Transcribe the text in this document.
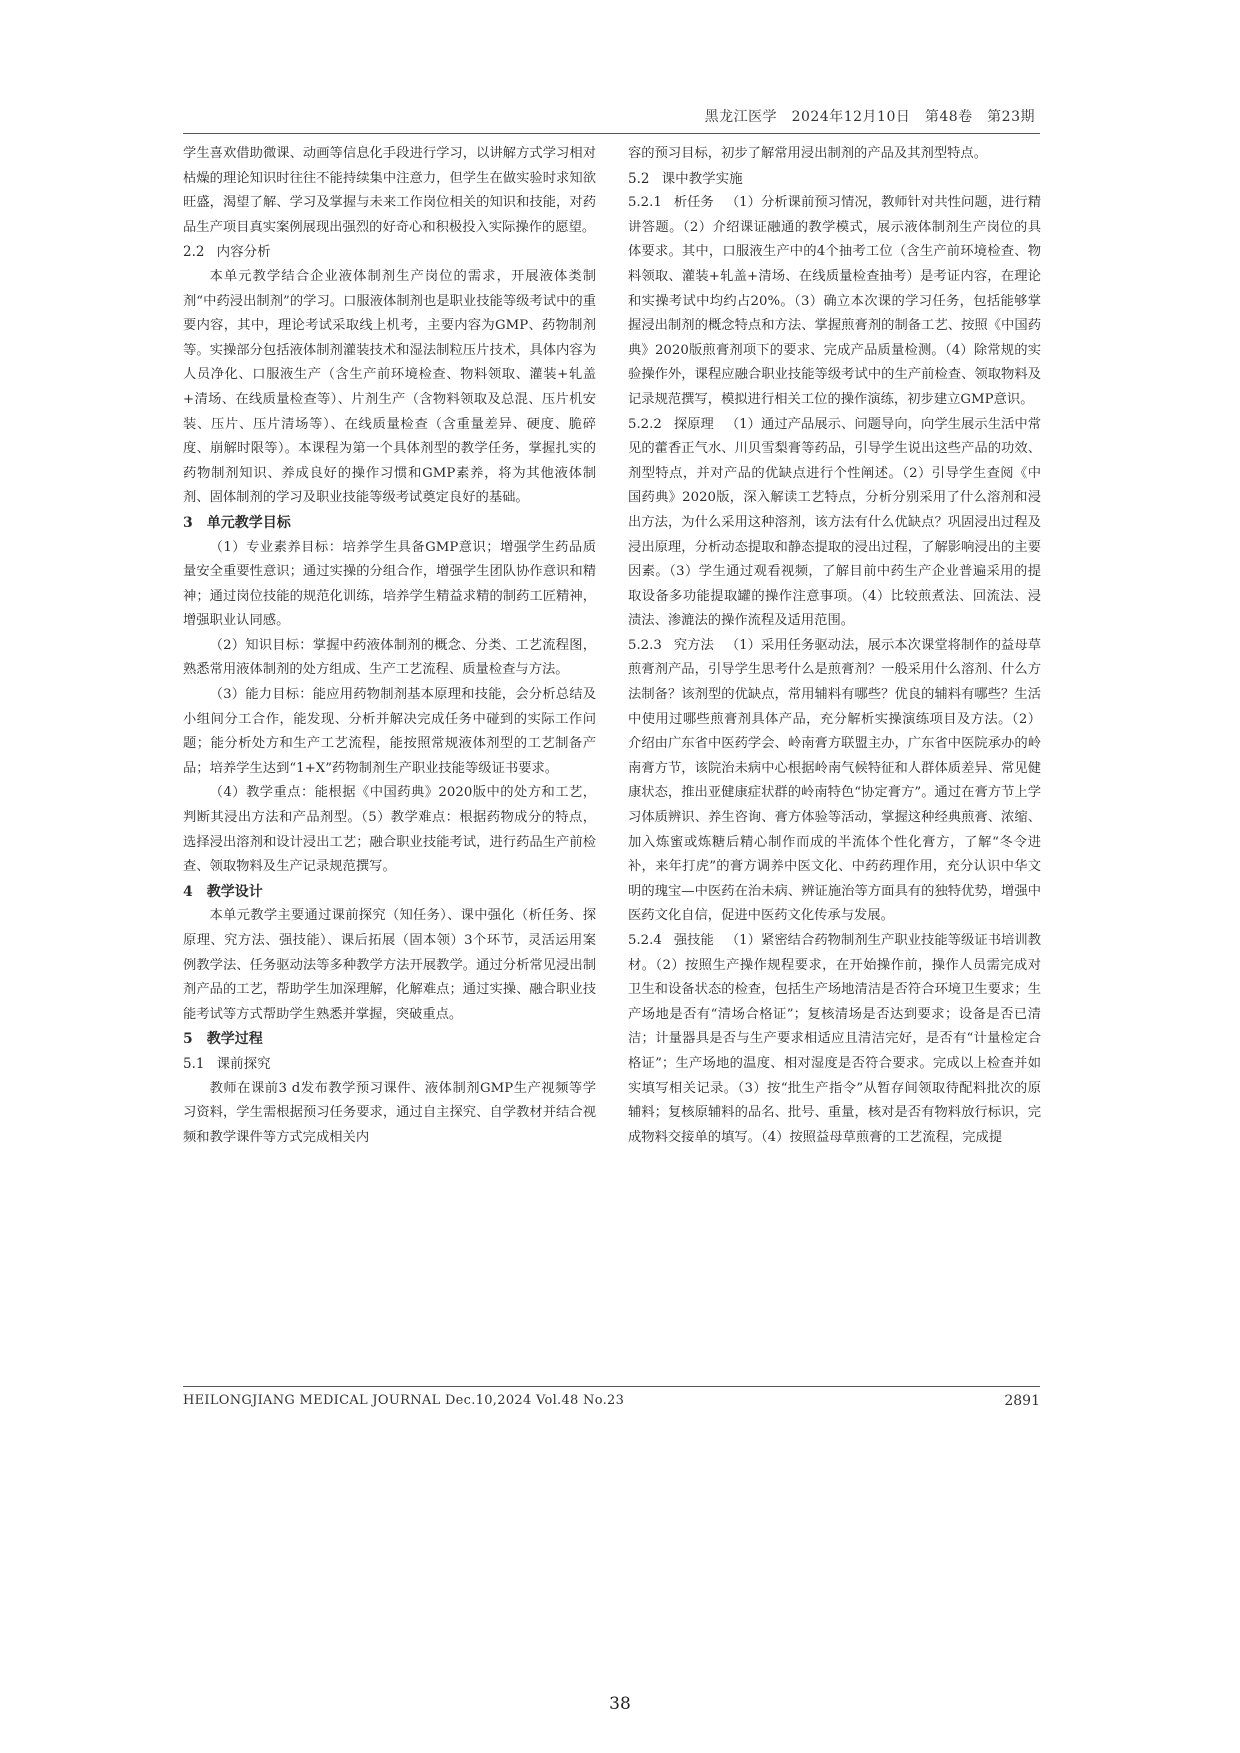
黑龙江医学　2024年12月10日　第48卷　第23期

学生喜欢借助微课、动画等信息化手段进行学习，以讲解方式学习相对枯燥的理论知识时往往不能持续集中注意力，但学生在做实验时求知欲旺盛，渴望了解、学习及掌握与未来工作岗位相关的知识和技能，对药品生产项目真实案例展现出强烈的好奇心和积极投入实际操作的愿望。

2.2 内容分析

本单元教学结合企业液体制剂生产岗位的需求，开展液体类制剂“中药浸出制剂”的学习。口服液体制剂也是职业技能等级考试中的重要内容，其中，理论考试采取线上机考，主要内容为GMP、药物制剂等。实操部分包括液体制剂灌装技术和湿法制粒压片技术，具体内容为人员净化、口服液生产（含生产前环境检查、物料领取、灌装+轧盖+清场、在线质量检查等）、片剂生产（含物料领取及总混、压片机安装、压片、压片清场等）、在线质量检查（含重量差异、硬度、脆碎度、崩解时限等）。本课程为第一个具体剂型的教学任务，掌握扎实的药物制剂知识、养成良好的操作习惯和GMP素养，将为其他液体制剂、固体制剂的学习及职业技能等级考试奠定良好的基础。

3 单元教学目标

（1）专业素养目标：培养学生具备GMP意识；增强学生药品质量安全重要性意识；通过实操的分组合作，增强学生团队协作意识和精神；通过岗位技能的规范化训练，培养学生精益求精的制药工匠精神，增强职业认同感。

（2）知识目标：掌握中药液体制剂的概念、分类、工艺流程图，熟悉常用液体制剂的处方组成、生产工艺流程、质量检查与方法。

（3）能力目标：能应用药物制剂基本原理和技能，会分析总结及小组间分工合作，能发现、分析并解决完成任务中碰到的实际工作问题；能分析处方和生产工艺流程，能按照常规液体剂型的工艺制备产品；培养学生达到“1+X”药物制剂生产职业技能等级证书要求。

（4）教学重点：能根据《中国药典》2020版中的处方和工艺，判断其浸出方法和产品剂型。（5）教学难点：根据药物成分的特点，选择浸出溶剂和设计浸出工艺；融合职业技能考试，进行药品生产前检查、领取物料及生产记录规范撰写。

4 教学设计

本单元教学主要通过课前探究（知任务）、课中强化（析任务、探原理、究方法、强技能）、课后拓展（固本领）3个环节，灵活运用案例教学法、任务驱动法等多种教学方法开展教学。通过分析常见浸出制剂产品的工艺，帮助学生加深理解，化解难点；通过实操、融合职业技能考试等方式帮助学生熟悉并掌握，突破重点。

5 教学过程

5.1 课前探究

教师在课前3 d发布教学预习课件、液体制剂GMP生产视频等学习资料，学生需根据预习任务要求，通过自主探究、自学教材并结合视频和教学课件等方式完成相关内

容的预习目标，初步了解常用浸出制剂的产品及其剂型特点。

5.2 课中教学实施

5.2.1 析任务 （1）分析课前预习情况，教师针对共性问题，进行精讲答题。（2）介绍课证融通的教学模式，展示液体制剂生产岗位的具体要求。其中，口服液生产中的4个抽考工位（含生产前环境检查、物料领取、灌装+轧盖+清场、在线质量检查抽考）是考证内容，在理论和实操考试中均约占20%。（3）确立本次课的学习任务，包括能够掌握浸出制剂的概念特点和方法、掌握煎膏剂的制备工艺、按照《中国药典》2020版煎膏剂项下的要求、完成产品质量检测。（4）除常规的实验操作外，课程应融合职业技能等级考试中的生产前检查、领取物料及记录规范撰写，模拟进行相关工位的操作演练，初步建立GMP意识。

5.2.2 探原理 （1）通过产品展示、问题导向，向学生展示生活中常见的藿香正气水、川贝雪梨膏等药品，引导学生说出这些产品的功效、剂型特点，并对产品的优缺点进行个性阐述。（2）引导学生查阅《中国药典》2020版，深入解读工艺特点，分析分别采用了什么溶剂和浸出方法，为什么采用这种溶剂，该方法有什么优缺点？巩固浸出过程及浸出原理，分析动态提取和静态提取的浸出过程，了解影响浸出的主要因素。（3）学生通过观看视频，了解目前中药生产企业普遍采用的提取设备多功能提取罐的操作注意事项。（4）比较煎煮法、回流法、浸渍法、渗漉法的操作流程及适用范围。

5.2.3 究方法 （1）采用任务驱动法，展示本次课堂将制作的益母草煎膏剂产品，引导学生思考什么是煎膏剂？一般采用什么溶剂、什么方法制备？该剂型的优缺点，常用辅料有哪些？优良的辅料有哪些？生活中使用过哪些煎膏剂具体产品，充分解析实操演练项目及方法。（2）介绍由广东省中医药学会、岭南膏方联盟主办，广东省中医院承办的岭南膏方节，该院治未病中心根据岭南气候特征和人群体质差异、常见健康状态，推出亚健康症状群的岭南特色“协定膏方”。通过在膏方节上学习体质辨识、养生咨询、膏方体验等活动，掌握这种经典煎膏、浓缩、加入炼蜜或炼糖后精心制作而成的半流体个性化膏方，了解“冬令进补，来年打虎”的膏方调养中医文化、中药药理作用，充分认识中华文明的瑰宝—中医药在治未病、辨证施治等方面具有的独特优势，增强中医药文化自信，促进中医药文化传承与发展。

5.2.4 强技能 （1）紧密结合药物制剂生产职业技能等级证书培训教材。（2）按照生产操作规程要求，在开始操作前，操作人员需完成对卫生和设备状态的检查，包括生产场地清洁是否符合环境卫生要求；生产场地是否有“清场合格证”；复核清场是否达到要求；设备是否已清洁；计量器具是否与生产要求相适应且清洁完好，是否有“计量检定合格证”；生产场地的温度、相对湿度是否符合要求。完成以上检查并如实填写相关记录。（3）按“批生产指令”从暂存间领取待配料批次的原辅料；复核原辅料的品名、批号、重量，核对是否有物料放行标识，完成物料交接单的填写。（4）按照益母草煎膏的工艺流程，完成提

HEILONGJIANG MEDICAL JOURNAL Dec.10,2024 Vol.48 No.23	2891
38
